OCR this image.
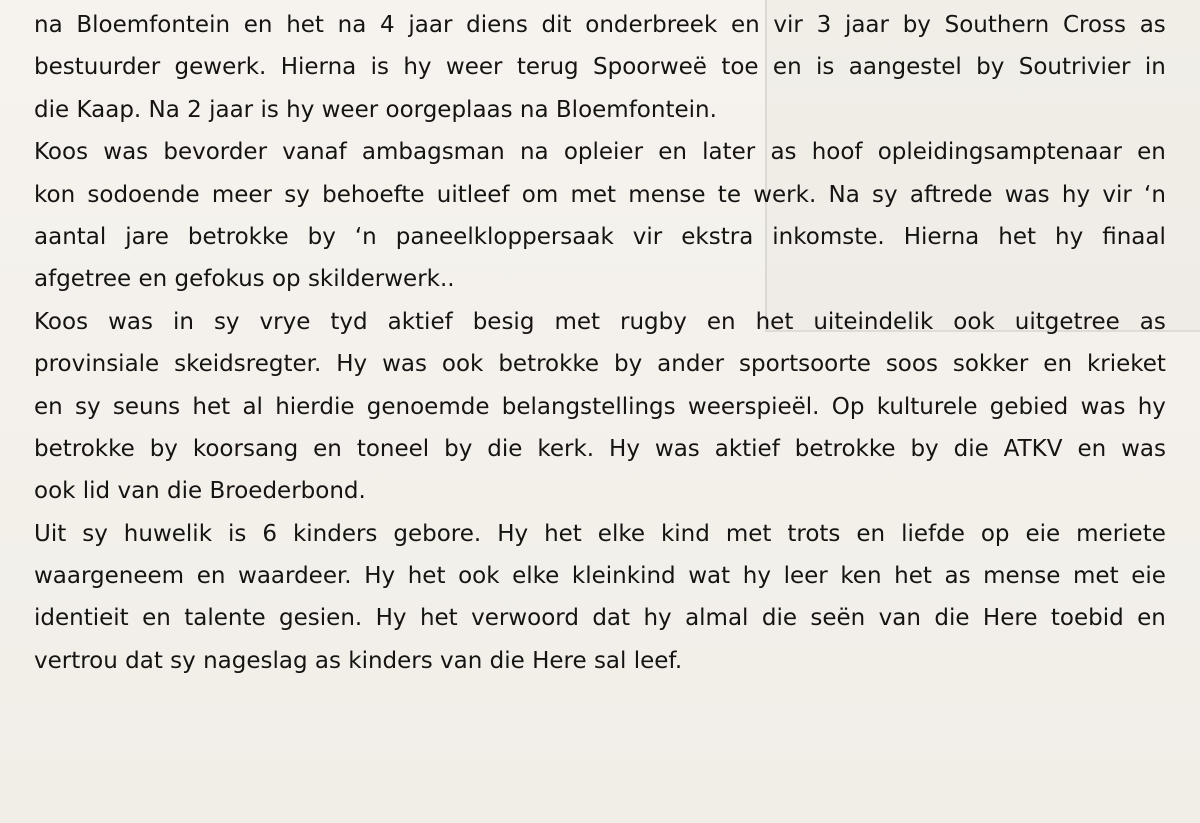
na Bloemfontein en het na 4 jaar diens dit onderbreek en vir 3 jaar by Southern Cross as
bestuurder gewerk. Hierna is hy weer terug Spoorweë toe en is aangestel by Soutrivier in
die Kaap. Na 2 jaar is hy weer oorgeplaas na Bloemfontein.
Koos was bevorder vanaf ambagsman na opleier en later as hoof opleidingsamptenaar en
kon sodoende meer sy behoefte uitleef om met mense te werk. Na sy aftrede was hy vir ‘n
aantal jare betrokke by ‘n paneelkloppersaak vir ekstra inkomste. Hierna het hy finaal
afgetree en gefokus op skilderwerk..
Koos was in sy vrye tyd aktief besig met rugby en het uiteindelik ook uitgetree as
provinsiale skeidsregter. Hy was ook betrokke by ander sportsoorte soos sokker en krieket
en sy seuns het al hierdie genoemde belangstellings weerspieël. Op kulturele gebied was hy
betrokke by koorsang en toneel by die kerk. Hy was aktief betrokke by die ATKV en was
ook lid van die Broederbond.
Uit sy huwelik is 6 kinders gebore. Hy het elke kind met trots en liefde op eie meriete
waargeneem en waardeer. Hy het ook elke kleinkind wat hy leer ken het as mense met eie
identieit en talente gesien. Hy het verwoord dat hy almal die seën van die Here toebid en
vertrou dat sy nageslag as kinders van die Here sal leef.
